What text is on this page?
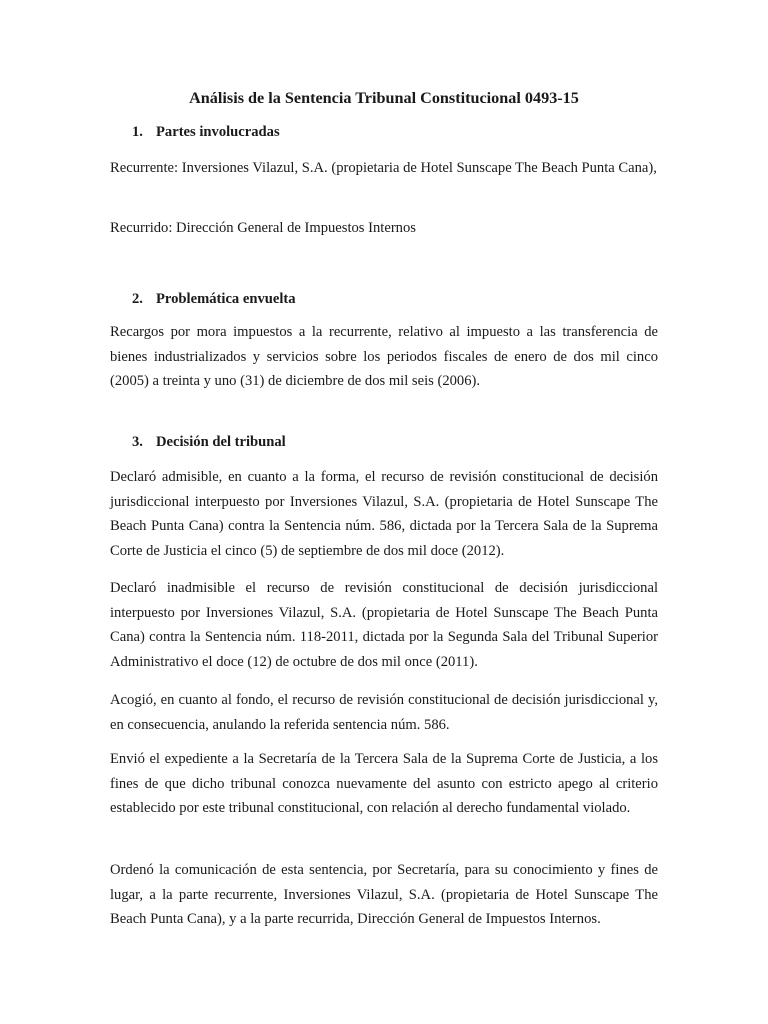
Análisis de la Sentencia Tribunal Constitucional 0493-15
1. Partes involucradas

Recurrente: Inversiones Vilazul, S.A. (propietaria de Hotel Sunscape The Beach Punta Cana),

Recurrido: Dirección General de Impuestos Internos

2. Problemática envuelta

Recargos por mora impuestos a la recurrente, relativo al impuesto a las transferencia de bienes industrializados y servicios sobre los periodos fiscales de enero de dos mil cinco (2005) a treinta y uno (31) de diciembre de dos mil seis (2006).

3. Decisión del tribunal

Declaró admisible, en cuanto a la forma, el recurso de revisión constitucional de decisión jurisdiccional interpuesto por Inversiones Vilazul, S.A. (propietaria de Hotel Sunscape The Beach Punta Cana) contra la Sentencia núm. 586, dictada por la Tercera Sala de la Suprema Corte de Justicia el cinco (5) de septiembre de dos mil doce (2012).

Declaró inadmisible el recurso de revisión constitucional de decisión jurisdiccional interpuesto por Inversiones Vilazul, S.A. (propietaria de Hotel Sunscape The Beach Punta Cana) contra la Sentencia núm. 118-2011, dictada por la Segunda Sala del Tribunal Superior Administrativo el doce (12) de octubre de dos mil once (2011).

Acogió, en cuanto al fondo, el recurso de revisión constitucional de decisión jurisdiccional y, en consecuencia, anulando la referida sentencia núm. 586.

Envió el expediente a la Secretaría de la Tercera Sala de la Suprema Corte de Justicia, a los fines de que dicho tribunal conozca nuevamente del asunto con estricto apego al criterio establecido por este tribunal constitucional, con relación al derecho fundamental violado.

Ordenó la comunicación de esta sentencia, por Secretaría, para su conocimiento y fines de lugar, a la parte recurrente, Inversiones Vilazul, S.A. (propietaria de Hotel Sunscape The Beach Punta Cana), y a la parte recurrida, Dirección General de Impuestos Internos.
